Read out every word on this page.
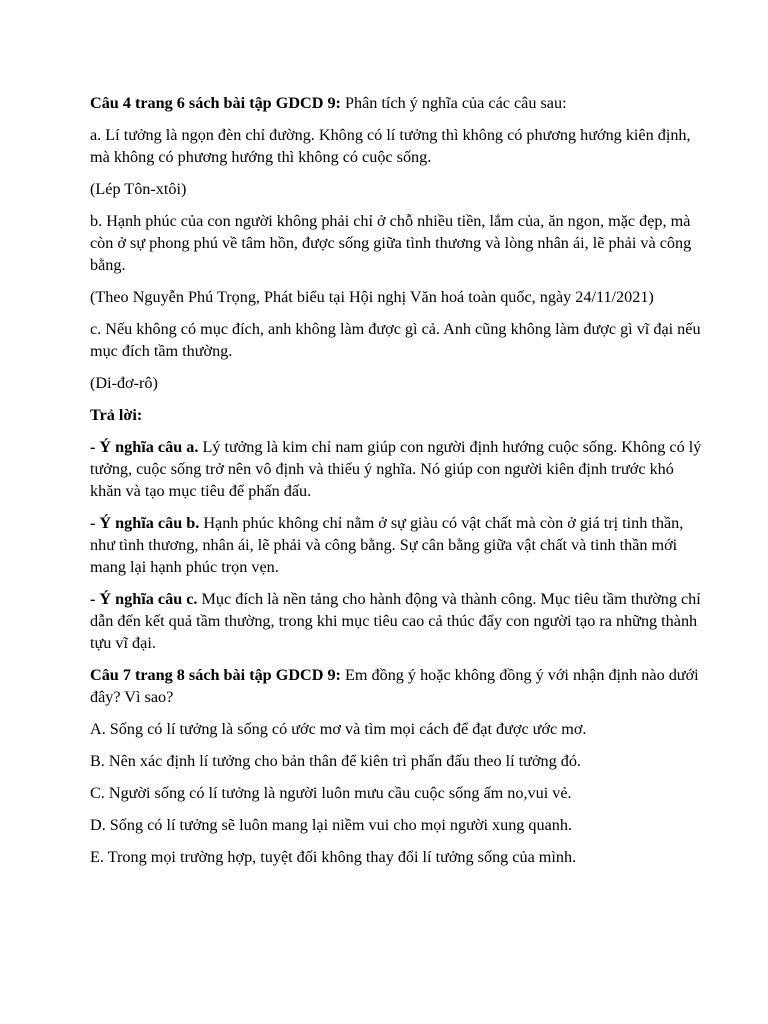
Câu 4 trang 6 sách bài tập GDCD 9: Phân tích ý nghĩa của các câu sau:

a. Lí tưởng là ngọn đèn chỉ đường. Không có lí tưởng thì không có phương hướng kiên định, mà không có phương hướng thì không có cuộc sống.

(Lép Tôn-xtôi)

b. Hạnh phúc của con người không phải chỉ ở chỗ nhiều tiền, lắm của, ăn ngon, mặc đẹp, mà còn ở sự phong phú về tâm hồn, được sống giữa tình thương và lòng nhân ái, lẽ phải và công bằng.

(Theo Nguyễn Phú Trọng, Phát biểu tại Hội nghị Văn hoá toàn quốc, ngày 24/11/2021)

c. Nếu không có mục đích, anh không làm được gì cả. Anh cũng không làm được gì vĩ đại nếu mục đích tầm thường.

(Di-đơ-rô)

Trả lời:

- Ý nghĩa câu a. Lý tưởng là kim chỉ nam giúp con người định hướng cuộc sống. Không có lý tưởng, cuộc sống trở nên vô định và thiếu ý nghĩa. Nó giúp con người kiên định trước khó khăn và tạo mục tiêu để phấn đấu.

- Ý nghĩa câu b. Hạnh phúc không chỉ nằm ở sự giàu có vật chất mà còn ở giá trị tinh thần, như tình thương, nhân ái, lẽ phải và công bằng. Sự cân bằng giữa vật chất và tinh thần mới mang lại hạnh phúc trọn vẹn.

- Ý nghĩa câu c. Mục đích là nền tảng cho hành động và thành công. Mục tiêu tầm thường chỉ dẫn đến kết quả tầm thường, trong khi mục tiêu cao cả thúc đẩy con người tạo ra những thành tựu vĩ đại.

Câu 7 trang 8 sách bài tập GDCD 9: Em đồng ý hoặc không đồng ý với nhận định nào dưới đây? Vì sao?

A. Sống có lí tưởng là sống có ước mơ và tìm mọi cách để đạt được ước mơ.

B. Nên xác định lí tưởng cho bản thân để kiên trì phấn đấu theo lí tưởng đó.

C. Người sống có lí tưởng là người luôn mưu cầu cuộc sống ấm no,vui vẻ.

D. Sống có lí tưởng sẽ luôn mang lại niềm vui cho mọi người xung quanh.

E. Trong mọi trường hợp, tuyệt đối không thay đổi lí tưởng sống của mình.
